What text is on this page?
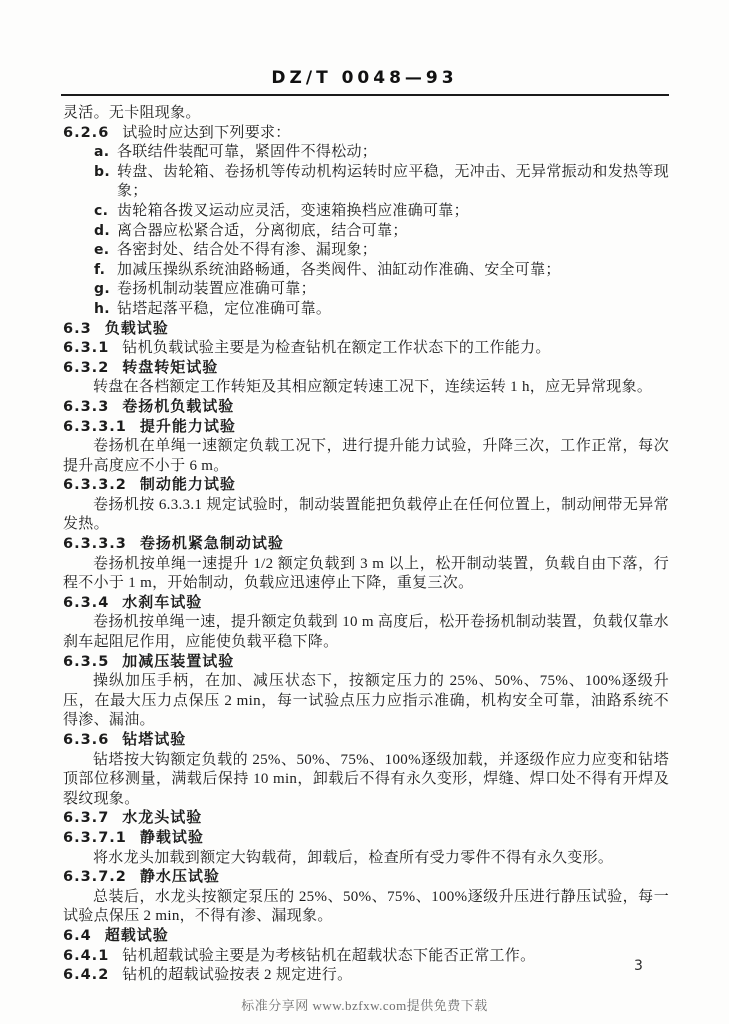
DZ/T 0048—93
灵活。无卡阻现象。
6.2.6 试验时应达到下列要求：
a. 各联结件装配可靠，紧固件不得松动；
b. 转盘、齿轮箱、卷扬机等传动机构运转时应平稳，无冲击、无异常振动和发热等现象；
c. 齿轮箱各拨叉运动应灵活，变速箱换档应准确可靠；
d. 离合器应松紧合适，分离彻底，结合可靠；
e. 各密封处、结合处不得有渗、漏现象；
f. 加减压操纵系统油路畅通，各类阀件、油缸动作准确、安全可靠；
g. 卷扬机制动装置应准确可靠；
h. 钻塔起落平稳，定位准确可靠。
6.3 负载试验
6.3.1 钻机负载试验主要是为检查钻机在额定工作状态下的工作能力。
6.3.2 转盘转矩试验
转盘在各档额定工作转矩及其相应额定转速工况下，连续运转 1 h，应无异常现象。
6.3.3 卷扬机负载试验
6.3.3.1 提升能力试验
卷扬机在单绳一速额定负载工况下，进行提升能力试验，升降三次，工作正常，每次提升高度应不小于 6 m。
6.3.3.2 制动能力试验
卷扬机按 6.3.3.1 规定试验时，制动装置能把负载停止在任何位置上，制动闸带无异常发热。
6.3.3.3 卷扬机紧急制动试验
卷扬机按单绳一速提升 1/2 额定负载到 3 m 以上，松开制动装置，负载自由下落，行程不小于 1 m，开始制动，负载应迅速停止下降，重复三次。
6.3.4 水刹车试验
卷扬机按单绳一速，提升额定负载到 10 m 高度后，松开卷扬机制动装置，负载仅靠水刹车起阻尼作用，应能使负载平稳下降。
6.3.5 加减压装置试验
操纵加压手柄，在加、减压状态下，按额定压力的 25%、50%、75%、100%逐级升压，在最大压力点保压 2 min，每一试验点压力应指示准确，机构安全可靠，油路系统不得渗、漏油。
6.3.6 钻塔试验
钻塔按大钩额定负载的 25%、50%、75%、100%逐级加载，并逐级作应力应变和钻塔顶部位移测量，满载后保持 10 min，卸载后不得有永久变形，焊缝、焊口处不得有开焊及裂纹现象。
6.3.7 水龙头试验
6.3.7.1 静载试验
将水龙头加载到额定大钩载荷，卸载后，检查所有受力零件不得有永久变形。
6.3.7.2 静水压试验
总装后，水龙头按额定泵压的 25%、50%、75%、100%逐级升压进行静压试验，每一试验点保压 2 min，不得有渗、漏现象。
6.4 超载试验
6.4.1 钻机超载试验主要是为考核钻机在超载状态下能否正常工作。
6.4.2 钻机的超载试验按表 2 规定进行。
3
标准分享网 www.bzfxw.com提供免费下载
